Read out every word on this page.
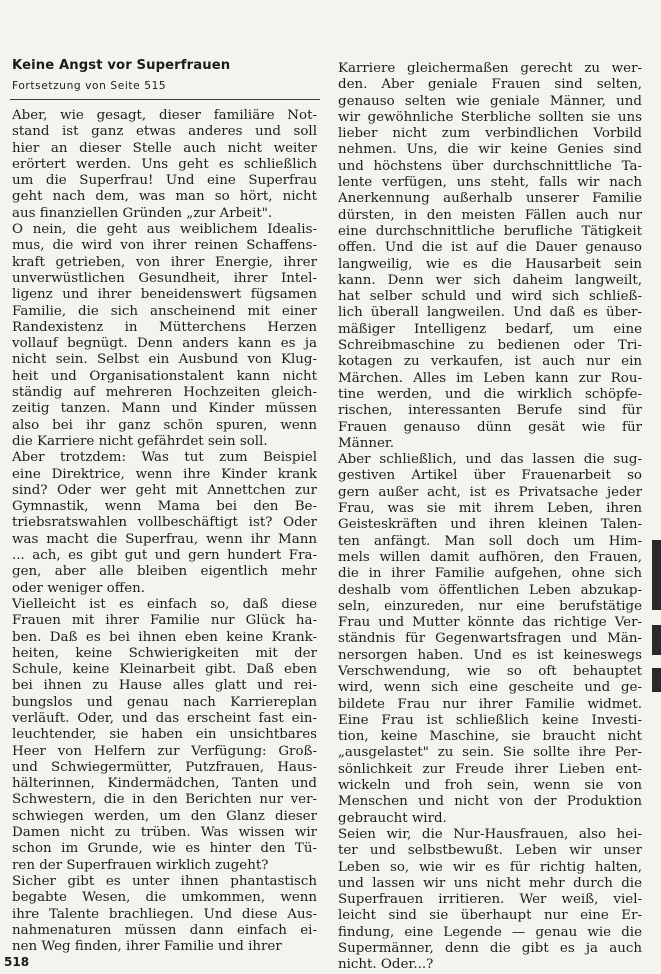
Keine Angst vor Superfrauen
Fortsetzung von Seite 515
Aber, wie gesagt, dieser familiäre Not-
stand ist ganz etwas anderes und soll
hier an dieser Stelle auch nicht weiter
erörtert werden. Uns geht es schließlich
um die Superfrau! Und eine Superfrau
geht nach dem, was man so hört, nicht
aus finanziellen Gründen „zur Arbeit".
O nein, die geht aus weiblichem Idealis-
mus, die wird von ihrer reinen Schaffens-
kraft getrieben, von ihrer Energie, ihrer
unverwüstlichen Gesundheit, ihrer Intel-
ligenz und ihrer beneidenswert fügsamen
Familie, die sich anscheinend mit einer
Randexistenz in Mütterchens Herzen
vollauf begnügt. Denn anders kann es ja
nicht sein. Selbst ein Ausbund von Klug-
heit und Organisationstalent kann nicht
ständig auf mehreren Hochzeiten gleich-
zeitig tanzen. Mann und Kinder müssen
also bei ihr ganz schön spuren, wenn
die Karriere nicht gefährdet sein soll.
Aber trotzdem: Was tut zum Beispiel
eine Direktrice, wenn ihre Kinder krank
sind? Oder wer geht mit Annettchen zur
Gymnastik, wenn Mama bei den Be-
triebsratswahlen vollbeschäftigt ist? Oder
was macht die Superfrau, wenn ihr Mann
... ach, es gibt gut und gern hundert Fra-
gen, aber alle bleiben eigentlich mehr
oder weniger offen.
Vielleicht ist es einfach so, daß diese
Frauen mit ihrer Familie nur Glück ha-
ben. Daß es bei ihnen eben keine Krank-
heiten, keine Schwierigkeiten mit der
Schule, keine Kleinarbeit gibt. Daß eben
bei ihnen zu Hause alles glatt und rei-
bungslos und genau nach Karriereplan
verläuft. Oder, und das erscheint fast ein-
leuchtender, sie haben ein unsichtbares
Heer von Helfern zur Verfügung: Groß-
und Schwiegermütter, Putzfrauen, Haus-
hälterinnen, Kindermädchen, Tanten und
Schwestern, die in den Berichten nur ver-
schwiegen werden, um den Glanz dieser
Damen nicht zu trüben. Was wissen wir
schon im Grunde, wie es hinter den Tü-
ren der Superfrauen wirklich zugeht?
Sicher gibt es unter ihnen phantastisch
begabte Wesen, die umkommen, wenn
ihre Talente brachliegen. Und diese Aus-
nahmenaturen müssen dann einfach ei-
nen Weg finden, ihrer Familie und ihrer
Karriere gleichermaßen gerecht zu wer-
den. Aber geniale Frauen sind selten,
genauso selten wie geniale Männer, und
wir gewöhnliche Sterbliche sollten sie uns
lieber nicht zum verbindlichen Vorbild
nehmen. Uns, die wir keine Genies sind
und höchstens über durchschnittliche Ta-
lente verfügen, uns steht, falls wir nach
Anerkennung außerhalb unserer Familie
dürsten, in den meisten Fällen auch nur
eine durchschnittliche berufliche Tätigkeit
offen. Und die ist auf die Dauer genauso
langweilig, wie es die Hausarbeit sein
kann. Denn wer sich daheim langweilt,
hat selber schuld und wird sich schließ-
lich überall langweilen. Und daß es über-
mäßiger Intelligenz bedarf, um eine
Schreibmaschine zu bedienen oder Tri-
kotagen zu verkaufen, ist auch nur ein
Märchen. Alles im Leben kann zur Rou-
tine werden, und die wirklich schöpfe-
rischen, interessanten Berufe sind für
Frauen genauso dünn gesät wie für
Männer.
Aber schließlich, und das lassen die sug-
gestiven Artikel über Frauenarbeit so
gern außer acht, ist es Privatsache jeder
Frau, was sie mit ihrem Leben, ihren
Geisteskräften und ihren kleinen Talen-
ten anfängt. Man soll doch um Him-
mels willen damit aufhören, den Frauen,
die in ihrer Familie aufgehen, ohne sich
deshalb vom öffentlichen Leben abzukap-
seln, einzureden, nur eine berufstätige
Frau und Mutter könnte das richtige Ver-
ständnis für Gegenwartsfragen und Män-
nersorgen haben. Und es ist keineswegs
Verschwendung, wie so oft behauptet
wird, wenn sich eine gescheite und ge-
bildete Frau nur ihrer Familie widmet.
Eine Frau ist schließlich keine Investi-
tion, keine Maschine, sie braucht nicht
„ausgelastet" zu sein. Sie sollte ihre Per-
sönlichkeit zur Freude ihrer Lieben ent-
wickeln und froh sein, wenn sie von
Menschen und nicht von der Produktion
gebraucht wird.
Seien wir, die Nur-Hausfrauen, also hei-
ter und selbstbewußt. Leben wir unser
Leben so, wie wir es für richtig halten,
und lassen wir uns nicht mehr durch die
Superfrauen irritieren. Wer weiß, viel-
leicht sind sie überhaupt nur eine Er-
findung, eine Legende — genau wie die
Supermänner, denn die gibt es ja auch
nicht. Oder...?
518
